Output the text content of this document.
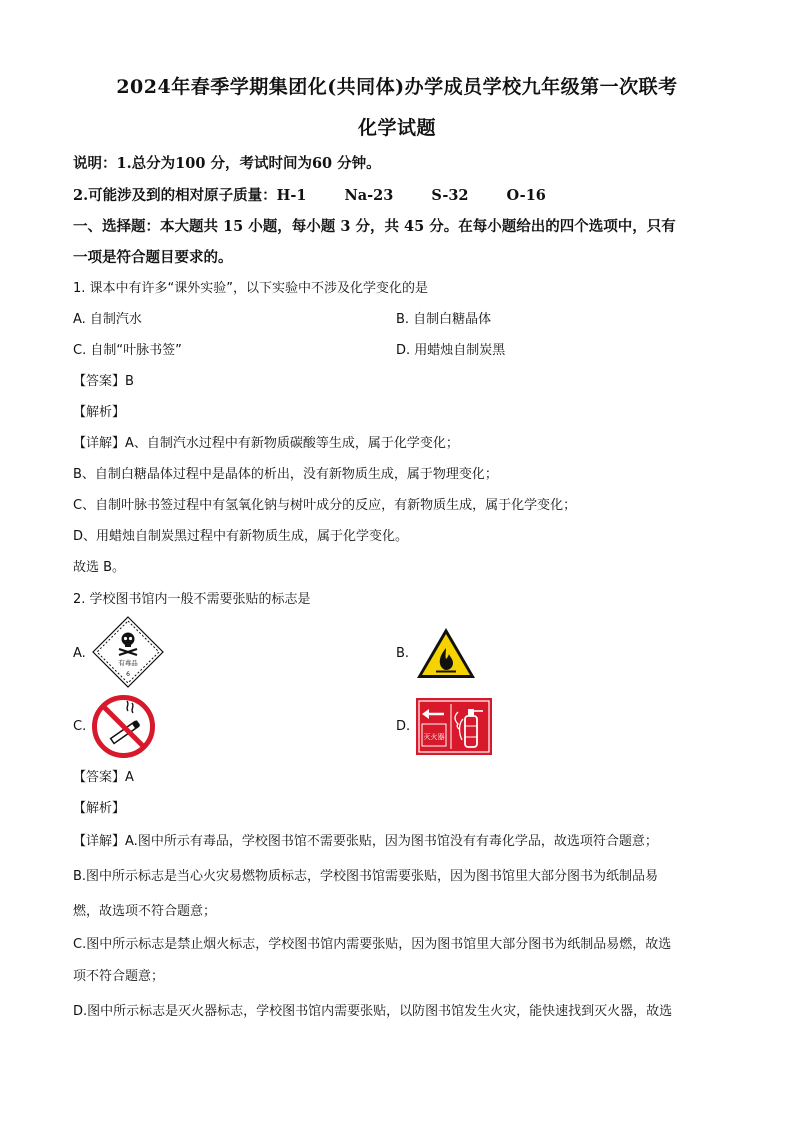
2024年春季学期集团化(共同体)办学成员学校九年级第一次联考
化学试题
说明：1.总分为100 分，考试时间为60 分钟。
2.可能涉及到的相对原子质量：H-1	Na-23	S-32	O-16
一、选择题：本大题共 15 小题，每小题 3 分，共 45 分。在每小题给出的四个选项中，只有
一项是符合题目要求的。
1. 课本中有许多“课外实验”，以下实验中不涉及化学变化的是
A. 自制汽水	B. 自制白糖晶体
C. 自制“叶脉书签”	D. 用蜡烛自制炭黑
【答案】B
【解析】
【详解】A、自制汽水过程中有新物质碳酸等生成，属于化学变化；
B、自制白糖晶体过程中是晶体的析出，没有新物质生成，属于物理变化；
C、自制叶脉书签过程中有氢氧化钠与树叶成分的反应，有新物质生成，属于化学变化；
D、用蜡烛自制炭黑过程中有新物质生成，属于化学变化。
故选 B。
2. 学校图书馆内一般不需要张贴的标志是
A.
有毒品
6
B.
C.	D.
灭火器
【答案】A
【解析】
【详解】A.图中所示有毒品，学校图书馆不需要张贴，因为图书馆没有有毒化学品，故选项符合题意；
B.图中所示标志是当心火灾易燃物质标志，学校图书馆需要张贴，因为图书馆里大部分图书为纸制品易
燃，故选项不符合题意；
C.图中所示标志是禁止烟火标志，学校图书馆内需要张贴，因为图书馆里大部分图书为纸制品易燃，故选
项不符合题意；
D.图中所示标志是灭火器标志，学校图书馆内需要张贴，以防图书馆发生火灾，能快速找到灭火器，故选
